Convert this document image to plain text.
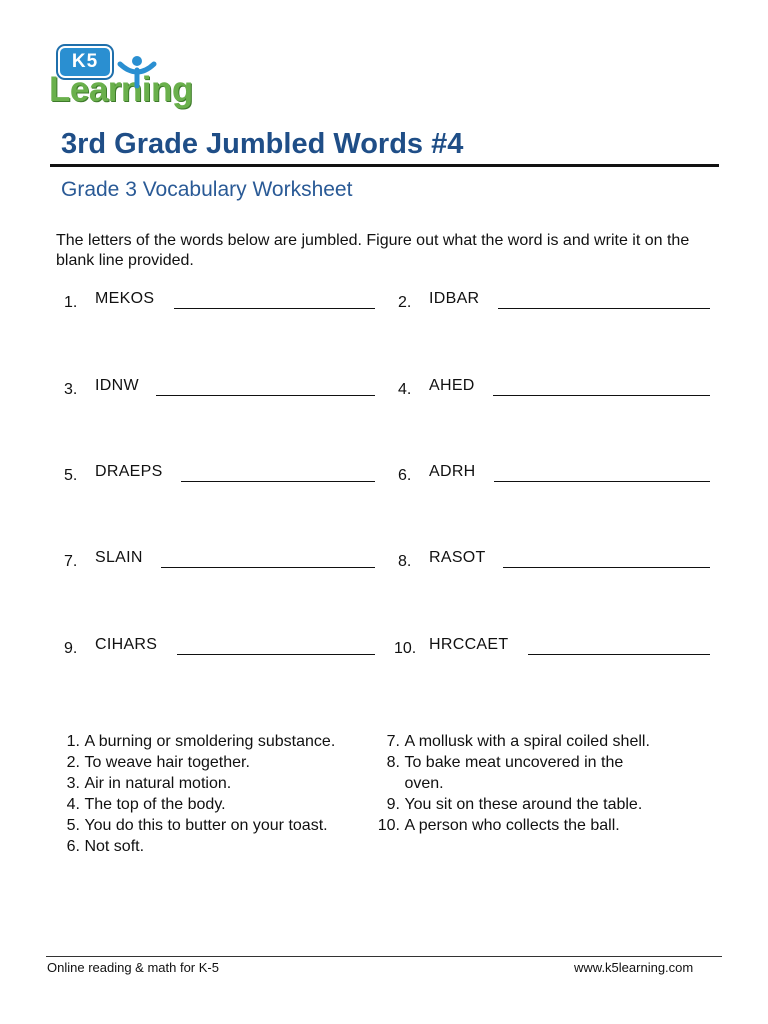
K5
Learning
3rd Grade Jumbled Words #4
Grade 3 Vocabulary Worksheet
The letters of the words below are jumbled. Figure out what the word is and write it on the blank line provided.
1. MEKOS	2. IDBAR
3. IDNW	4. AHED
5. DRAEPS	6. ADRH
7. SLAIN	8. RASOT
9. CIHARS	10. HRCCAET
1. A burning or smoldering substance.
2. To weave hair together.
3. Air in natural motion.
4. The top of the body.
5. You do this to butter on your toast.
6. Not soft.
7. A mollusk with a spiral coiled shell.
8. To bake meat uncovered in the
oven.
9. You sit on these around the table.
10. A person who collects the ball.
Online reading & math for K-5	www.k5learning.com
